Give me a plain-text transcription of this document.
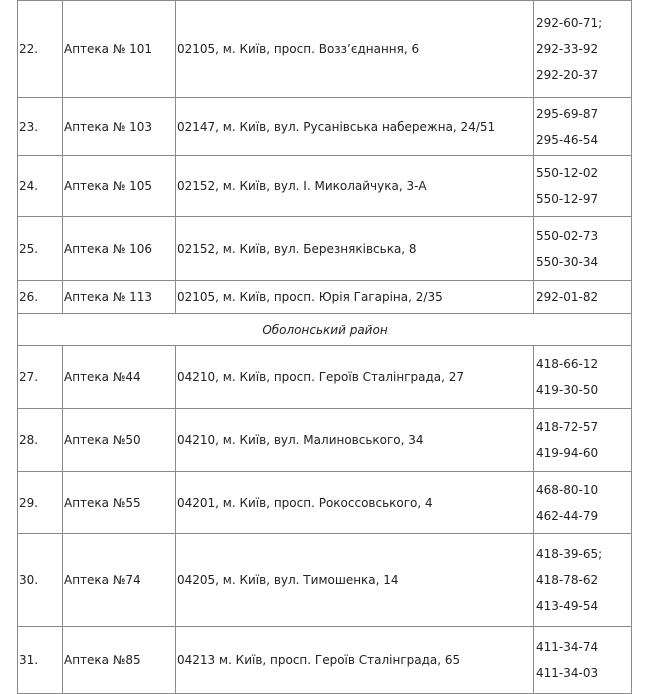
22.	Аптека № 101	02105, м. Київ, просп. Возз’єднання, 6	292-60-71;
292-33-92
292-20-37

23.	Аптека № 103	02147, м. Київ, вул. Русанівська набережна, 24/51	295-69-87
295-46-54

24.	Аптека № 105	02152, м. Київ, вул. І. Миколайчука, 3-А	550-12-02
550-12-97

25.	Аптека № 106	02152, м. Київ, вул. Березняківська, 8	550-02-73
550-30-34

26.	Аптека № 113	02105, м. Київ, просп. Юрія Гагаріна, 2/35	292-01-82

Оболонський район			
27.	Аптека №44	04210, м. Київ, просп. Героїв Сталінграда, 27	418-66-12
419-30-50

28.	Аптека №50	04210, м. Київ, вул. Малиновського, 34	418-72-57
419-94-60

29.	Аптека №55	04201, м. Київ, просп. Рокоссовського, 4	468-80-10
462-44-79

30.	Аптека №74	04205, м. Київ, вул. Тимошенка, 14	418-39-65;
418-78-62
413-49-54

31.	Аптека №85	04213 м. Київ, просп. Героїв Сталінграда, 65	411-34-74
411-34-03
